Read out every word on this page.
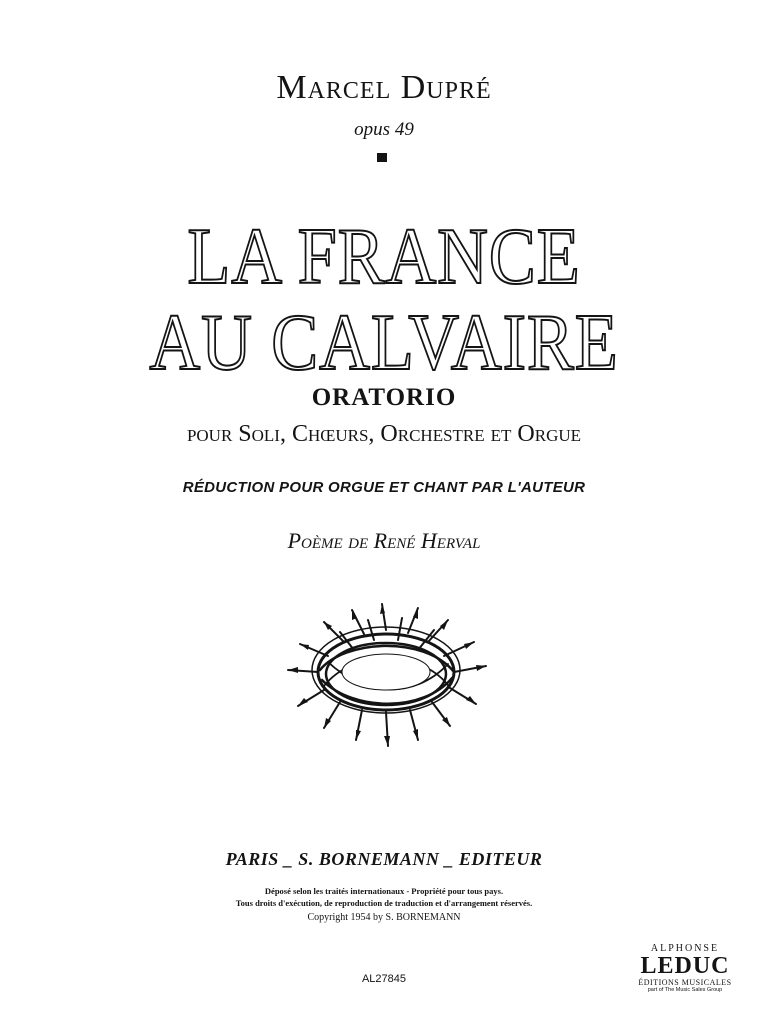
Marcel Dupré
opus 49
LA FRANCE
AU CALVAIRE
ORATORIO
pour Soli, Chœurs, Orchestre et Orgue
RÉDUCTION POUR ORGUE ET CHANT PAR L'AUTEUR
Poème de René Herval
PARIS _ S. BORNEMANN _ EDITEUR
Déposé selon les traités internationaux - Propriété pour tous pays.
Tous droits d'exécution, de reproduction de traduction et d'arrangement réservés.
Copyright 1954 by S. BORNEMANN
AL27845
ALPHONSE
LEDUC
ÉDITIONS MUSICALES
part of The Music Sales Group
